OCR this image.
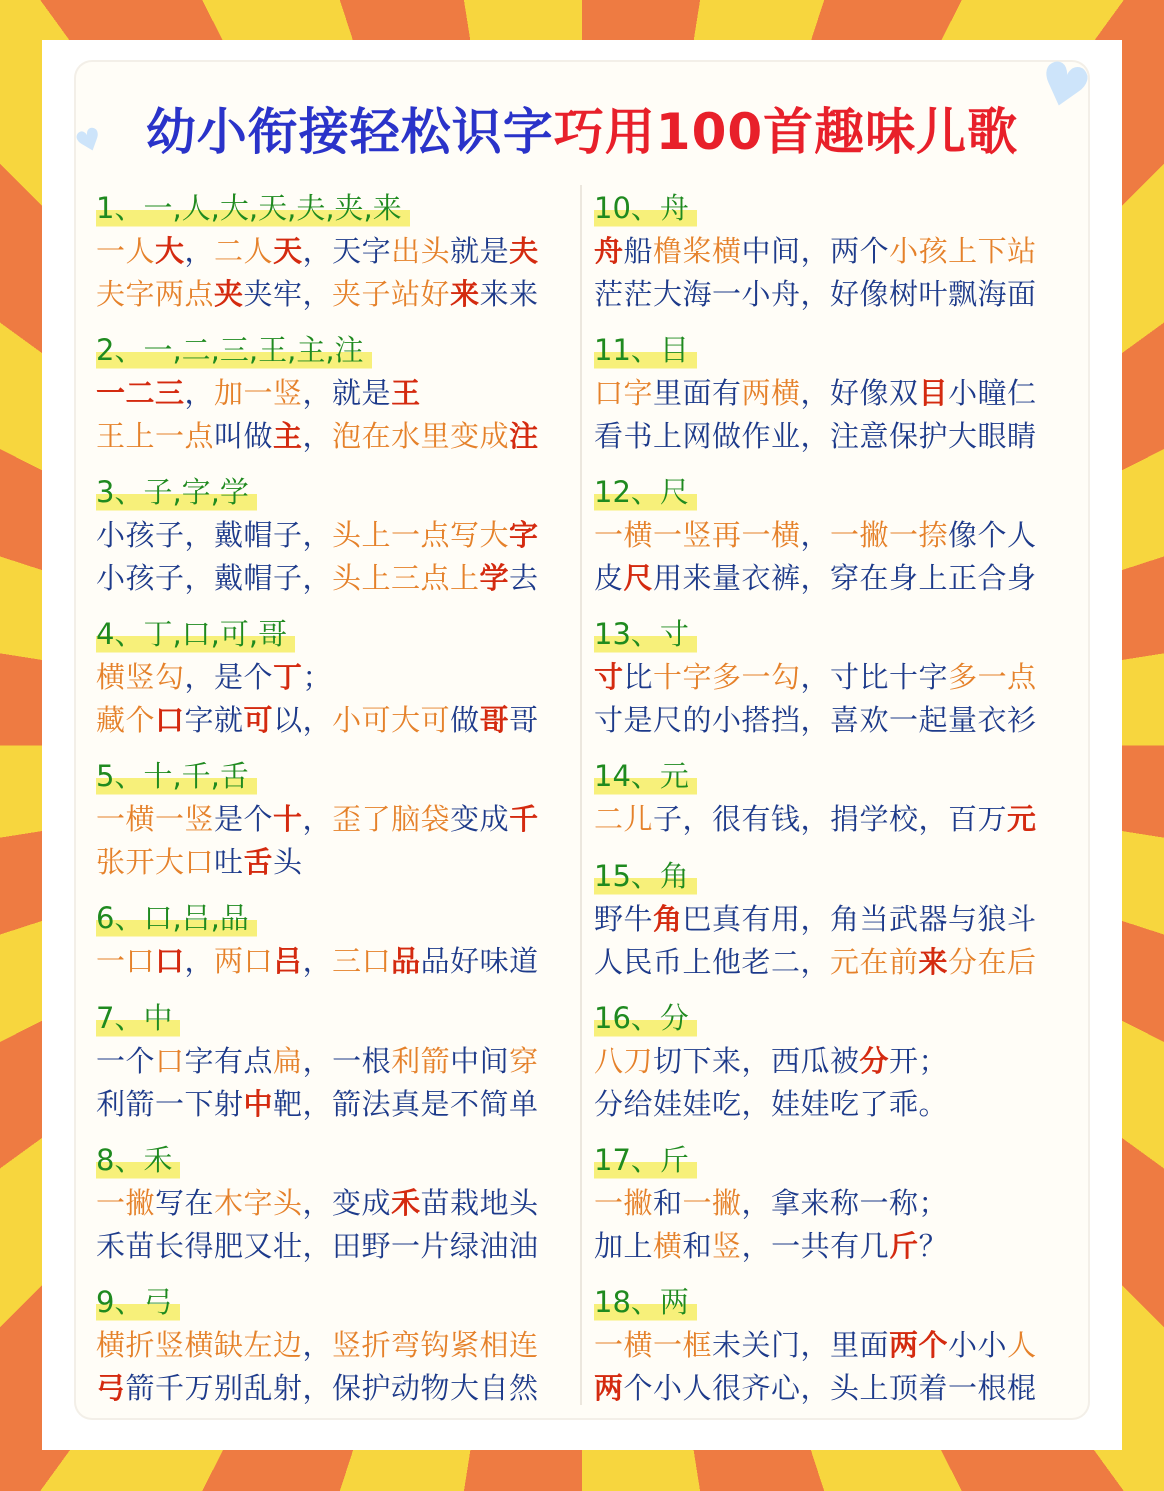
♥
♥
幼小衔接轻松识字巧用100首趣味儿歌
1、一,人,大,天,夫,夹,来
一人大，二人天，天字出头就是夫
夫字两点夹夹牢，夹子站好来来来
2、一,二,三,王,主,注
一二三，加一竖，就是王
王上一点叫做主，泡在水里变成注
3、子,字,学
小孩子，戴帽子，头上一点写大字
小孩子，戴帽子，头上三点上学去
4、丁,口,可,哥
横竖勾，是个丁；
藏个口字就可以，小可大可做哥哥
5、十,千,舌
一横一竖是个十，歪了脑袋变成千
张开大口吐舌头
6、口,吕,品
一口口，两口吕，三口品品好味道
7、中
一个口字有点扁，一根利箭中间穿
利箭一下射中靶，箭法真是不简单
8、禾
一撇写在木字头，变成禾苗栽地头
禾苗长得肥又壮，田野一片绿油油
9、弓
横折竖横缺左边，竖折弯钩紧相连
弓箭千万别乱射，保护动物大自然
10、舟
舟船橹桨横中间，两个小孩上下站
茫茫大海一小舟，好像树叶飘海面
11、目
口字里面有两横，好像双目小瞳仁
看书上网做作业，注意保护大眼睛
12、尺
一横一竖再一横，一撇一捺像个人
皮尺用来量衣裤，穿在身上正合身
13、寸
寸比十字多一勾，寸比十字多一点
寸是尺的小搭挡，喜欢一起量衣衫
14、元
二儿子，很有钱，捐学校，百万元
15、角
野牛角巴真有用，角当武器与狼斗
人民币上他老二，元在前来分在后
16、分
八刀切下来，西瓜被分开；
分给娃娃吃，娃娃吃了乖。
17、斤
一撇和一撇，拿来称一称；
加上横和竖，一共有几斤？
18、两
一横一框未关门，里面两个小小人
两个小人很齐心，头上顶着一根棍
